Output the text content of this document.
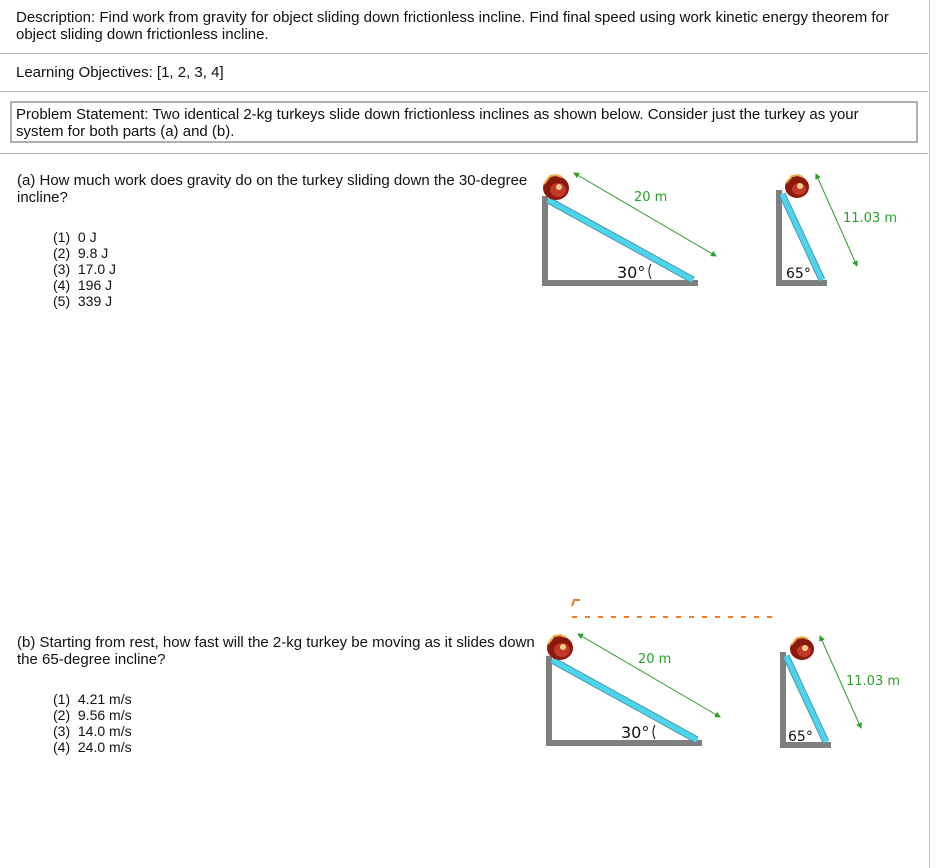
Description: Find work from gravity for object sliding down frictionless incline. Find final speed using work kinetic energy theorem for object sliding down frictionless incline.
Learning Objectives: [1, 2, 3, 4]
Problem Statement: Two identical 2-kg turkeys slide down frictionless inclines as shown below. Consider just the turkey as your system for both parts (a) and (b).
(a) How much work does gravity do on the turkey sliding down the 30-degree incline?
(1)  0 J
(2)  9.8 J
(3)  17.0 J
(4)  196 J
(5)  339 J
(b) Starting from rest, how fast will the 2-kg turkey be moving as it slides down the 65-degree incline?
(1)  4.21 m/s
(2)  9.56 m/s
(3)  14.0 m/s
(4)  24.0 m/s
20 m
30°
11.03 m
65°
20 m
30°
11.03 m
65°
